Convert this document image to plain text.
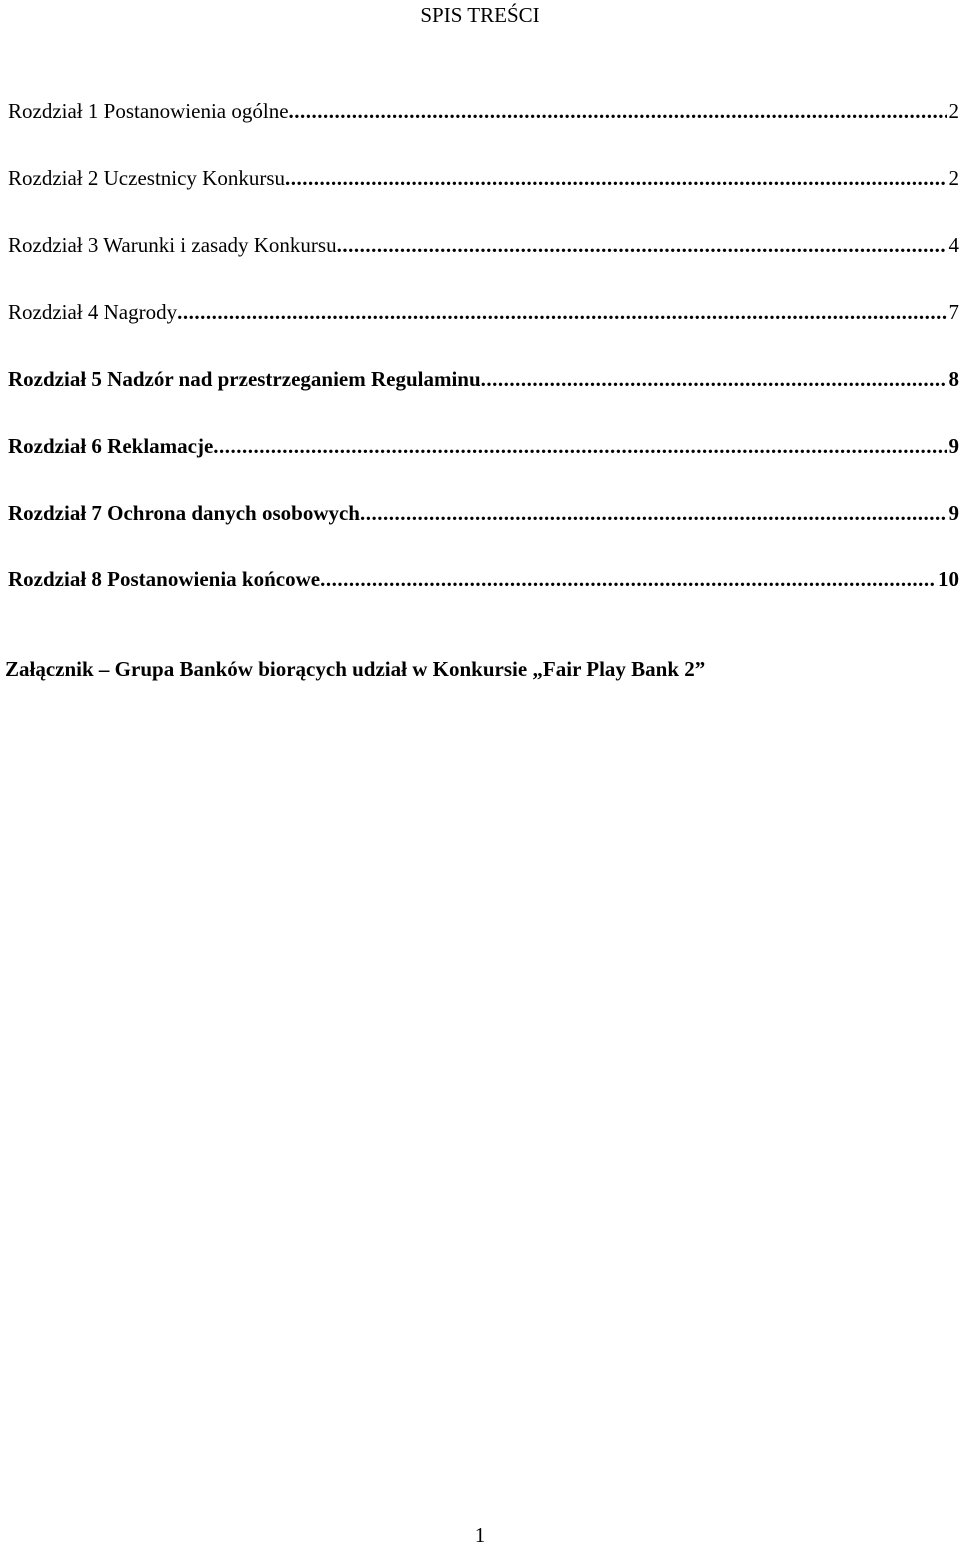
SPIS TREŚCI
Rozdział 1 Postanowienia ogólne .....	2
Rozdział 2 Uczestnicy Konkursu .....	2
Rozdział 3 Warunki i zasady Konkursu .....	4
Rozdział 4 Nagrody .....	7
Rozdział 5 Nadzór nad przestrzeganiem Regulaminu .....	8
Rozdział 6 Reklamacje .....	9
Rozdział 7 Ochrona danych osobowych .....	9
Rozdział 8 Postanowienia końcowe .....	10
Załącznik – Grupa Banków biorących udział w Konkursie „Fair Play Bank 2”
1
